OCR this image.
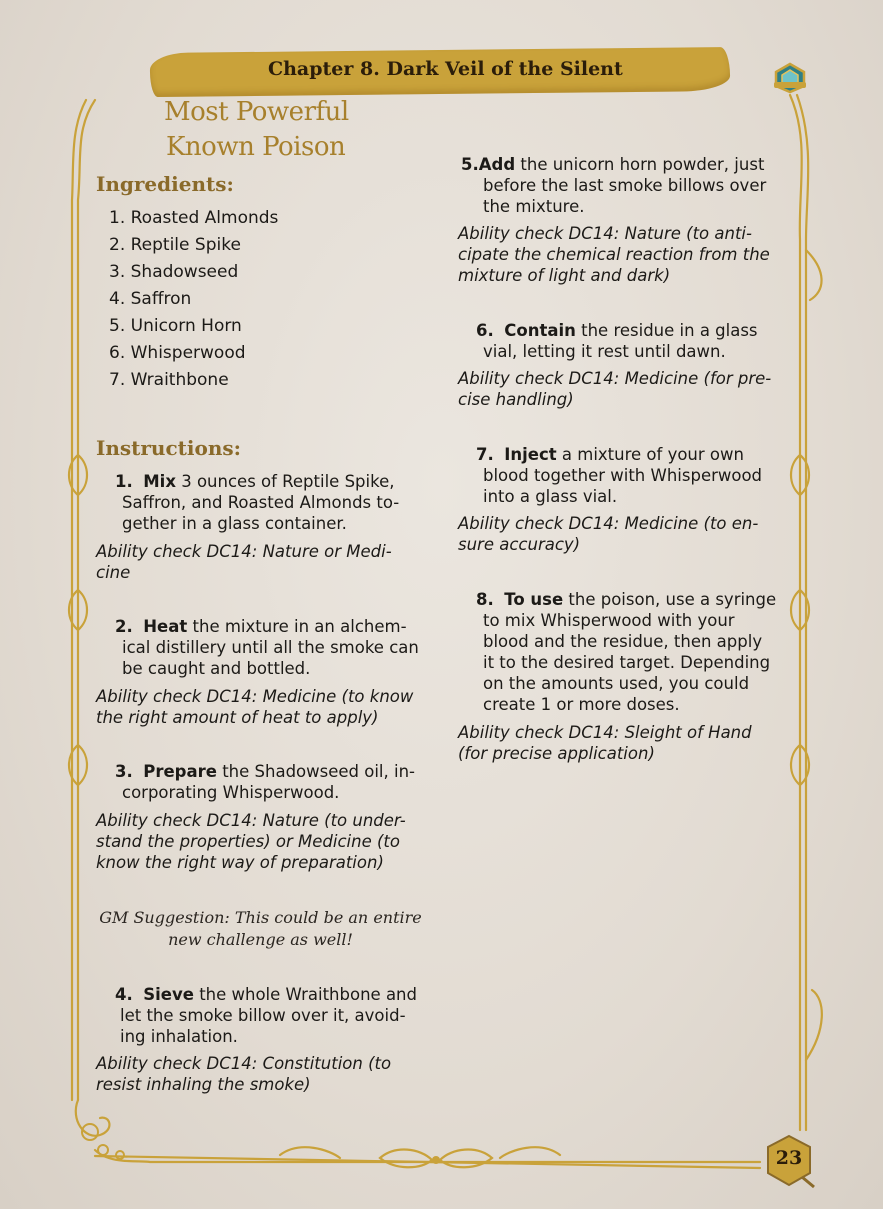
Chapter 8. Dark Veil of the Silent
Most Powerful
Known Poison
Ingredients:
1. Roasted Almonds
2. Reptile Spike
3. Shadowseed
4. Saffron
5. Unicorn Horn
6. Whisperwood
7. Wraithbone
Instructions:
1. Mix 3 ounces of Reptile Spike,
Saffron, and Roasted Almonds to-
gether in a glass container.
Ability check DC14: Nature or Medi-
cine
2. Heat the mixture in an alchem-
ical distillery until all the smoke can
be caught and bottled.
Ability check DC14: Medicine (to know
the right amount of heat to apply)
3. Prepare the Shadowseed oil, in-
corporating Whisperwood.
Ability check DC14: Nature (to under-
stand the properties) or Medicine (to
know the right way of preparation)
GM Suggestion: This could be an entire
new challenge as well!
4. Sieve the whole Wraithbone and
let the smoke billow over it, avoid-
ing inhalation.
Ability check DC14: Constitution (to
resist inhaling the smoke)
5.Add the unicorn horn powder, just
before the last smoke billows over
the mixture.
Ability check DC14: Nature (to anti-
cipate the chemical reaction from the
mixture of light and dark)
6. Contain the residue in a glass
vial, letting it rest until dawn.
Ability check DC14: Medicine (for pre-
cise handling)
7. Inject a mixture of your own
blood together with Whisperwood
into a glass vial.
Ability check DC14: Medicine (to en-
sure accuracy)
8. To use the poison, use a syringe
to mix Whisperwood with your
blood and the residue, then apply
it to the desired target. Depending
on the amounts used, you could
create 1 or more doses.
Ability check DC14: Sleight of Hand
(for precise application)
23
